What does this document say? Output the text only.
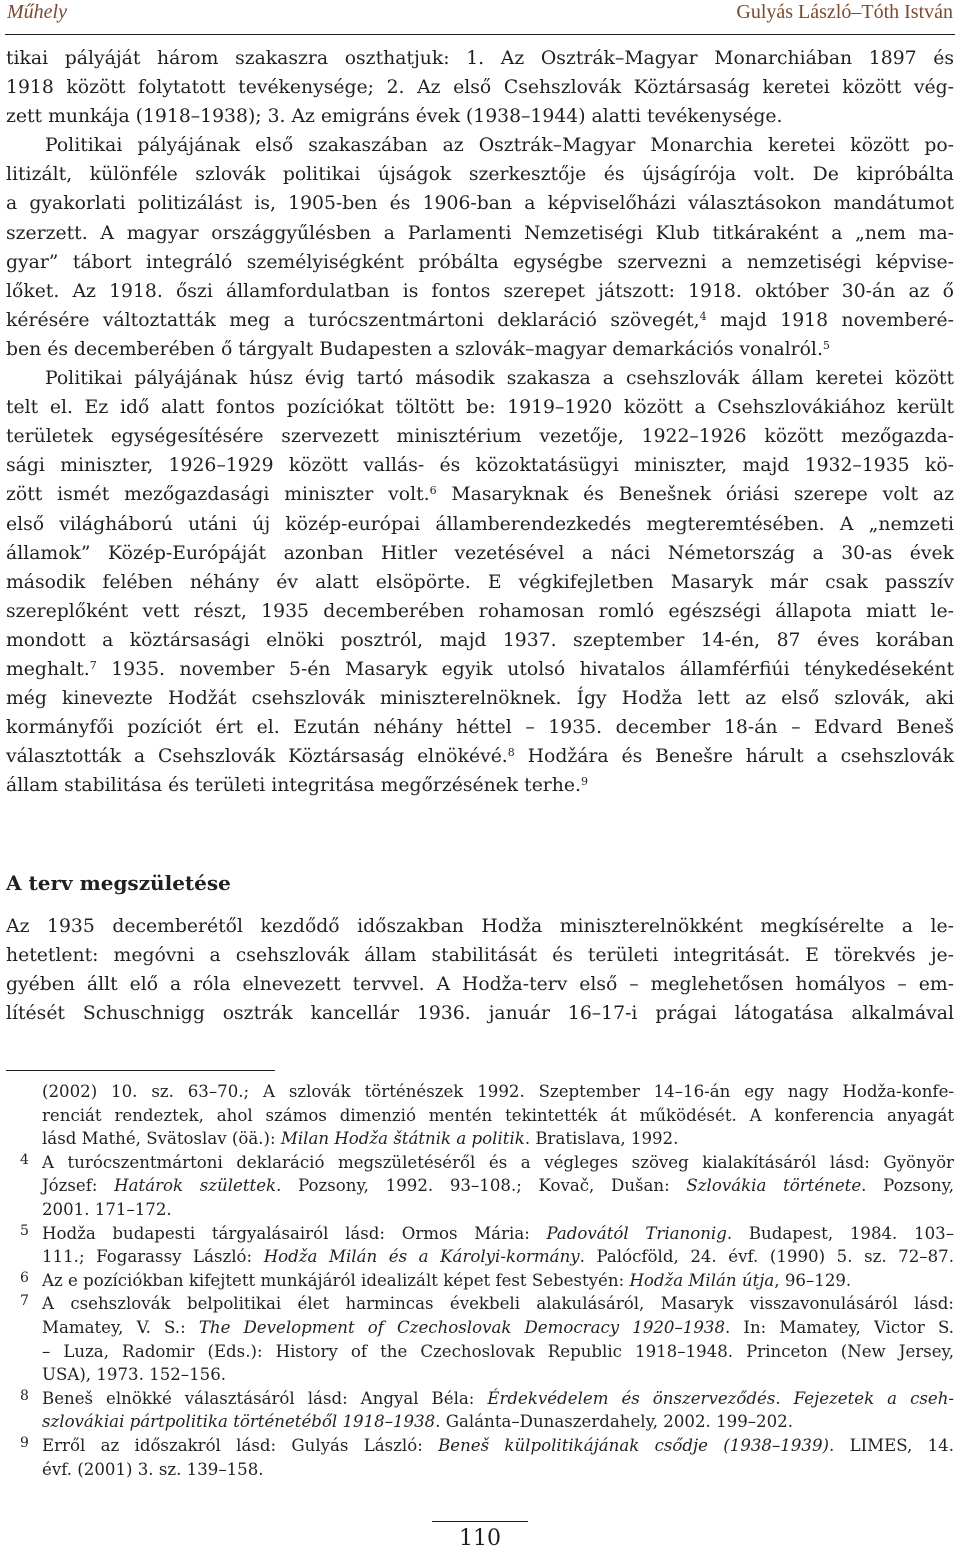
Műhely	Gulyás László–Tóth István
tikai pályáját három szakaszra oszthatjuk: 1. Az Osztrák–Magyar Monarchiában 1897 és
1918 között folytatott tevékenysége; 2. Az első Csehszlovák Köztársaság keretei között vég-
zett munkája (1918–1938); 3. Az emigráns évek (1938–1944) alatti tevékenysége.
Politikai pályájának első szakaszában az Osztrák–Magyar Monarchia keretei között po-
litizált, különféle szlovák politikai újságok szerkesztője és újságírója volt. De kipróbálta
a gyakorlati politizálást is, 1905-ben és 1906-ban a képviselőházi választásokon mandátumot
szerzett. A magyar országgyűlésben a Parlamenti Nemzetiségi Klub titkáraként a „nem ma-
gyar” tábort integráló személyiségként próbálta egységbe szervezni a nemzetiségi képvise-
lőket. Az 1918. őszi államfordulatban is fontos szerepet játszott: 1918. október 30-án az ő
kérésére változtatták meg a turócszentmártoni deklaráció szövegét,$^4$ majd 1918 novemberé-
ben és decemberében ő tárgyalt Budapesten a szlovák–magyar demarkációs vonalról.$^5$
Politikai pályájának húsz évig tartó második szakasza a csehszlovák állam keretei között
telt el. Ez idő alatt fontos pozíciókat töltött be: 1919–1920 között a Csehszlovákiához került
területek egységesítésére szervezett minisztérium vezetője, 1922–1926 között mezőgazda-
sági miniszter, 1926–1929 között vallás- és közoktatásügyi miniszter, majd 1932–1935 kö-
zött ismét mezőgazdasági miniszter volt.$^6$ Masaryknak és Benešnek óriási szerepe volt az
első világháború utáni új közép-európai államberendezkedés megteremtésében. A „nemzeti
államok” Közép-Európáját azonban Hitler vezetésével a náci Németország a 30-as évek
második felében néhány év alatt elsöpörte. E végkifejletben Masaryk már csak passzív
szereplőként vett részt, 1935 decemberében rohamosan romló egészségi állapota miatt le-
mondott a köztársasági elnöki posztról, majd 1937. szeptember 14-én, 87 éves korában
meghalt.$^7$ 1935. november 5-én Masaryk egyik utolsó hivatalos államférfiúi ténykedéseként
még kinevezte Hodžát csehszlovák miniszterelnöknek. Így Hodža lett az első szlovák, aki
kormányfői pozíciót ért el. Ezután néhány héttel – 1935. december 18-án – Edvard Beneš
választották a Csehszlovák Köztársaság elnökévé.$^8$ Hodžára és Benešre hárult a csehszlovák
állam stabilitása és területi integritása megőrzésének terhe.$^9$
A terv megszületése
Az 1935 decemberétől kezdődő időszakban Hodža miniszterelnökként megkísérelte a le-
hetetlent: megóvni a csehszlovák állam stabilitását és területi integritását. E törekvés je-
gyében állt elő a róla elnevezett tervvel. A Hodža-terv első – meglehetősen homályos – em-
lítését Schuschnigg osztrák kancellár 1936. január 16–17-i prágai látogatása alkalmával
(2002) 10. sz. 63–70.; A szlovák történészek 1992. Szeptember 14–16-án egy nagy Hodža-konfe-
renciát rendeztek, ahol számos dimenzió mentén tekintették át működését. A konferencia anyagát
lásd Mathé, Svätoslav (öä.): Milan Hodža štátnik a politik. Bratislava, 1992.
4 A turócszentmártoni deklaráció megszületéséről és a végleges szöveg kialakításáról lásd: Gyönyör
József: Határok születtek. Pozsony, 1992. 93–108.; Kovač, Dušan: Szlovákia története. Pozsony,
2001. 171–172.
5 Hodža budapesti tárgyalásairól lásd: Ormos Mária: Padovától Trianonig. Budapest, 1984. 103–
111.; Fogarassy László: Hodža Milán és a Károlyi-kormány. Palócföld, 24. évf. (1990) 5. sz. 72–87.
6 Az e pozíciókban kifejtett munkájáról idealizált képet fest Sebestyén: Hodža Milán útja, 96–129.
7 A csehszlovák belpolitikai élet harmincas évekbeli alakulásáról, Masaryk visszavonulásáról lásd:
Mamatey, V. S.: The Development of Czechoslovak Democracy 1920–1938. In: Mamatey, Victor S.
– Luza, Radomir (Eds.): History of the Czechoslovak Republic 1918–1948. Princeton (New Jersey,
USA), 1973. 152–156.
8 Beneš elnökké választásáról lásd: Angyal Béla: Érdekvédelem és önszerveződés. Fejezetek a cseh-
szlovákiai pártpolitika történetéből 1918–1938. Galánta–Dunaszerdahely, 2002. 199–202.
9 Erről az időszakról lásd: Gulyás László: Beneš külpolitikájának csődje (1938–1939). LIMES, 14.
évf. (2001) 3. sz. 139–158.
110
